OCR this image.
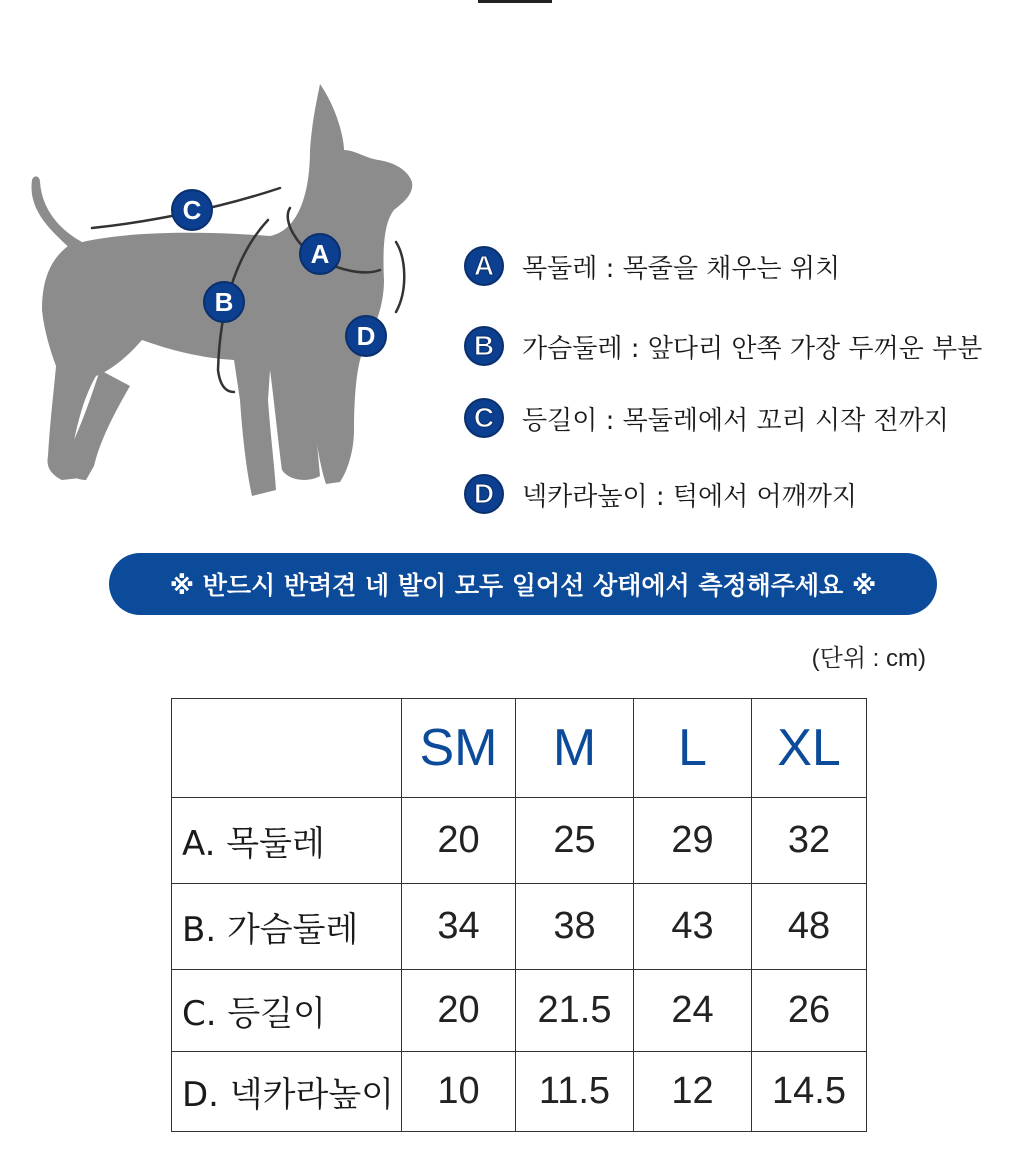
C
A
B
D
A	목둘레 : 목줄을 채우는 위치
B	가슴둘레 : 앞다리 안쪽 가장 두꺼운 부분
C	등길이 : 목둘레에서 꼬리 시작 전까지
D	넥카라높이 : 턱에서 어깨까지
※ 반드시 반려견 네 발이 모두 일어선 상태에서 측정해주세요 ※
(단위 : cm)
	SM	M	L	XL
A. 목둘레	20	25	29	32
B. 가슴둘레	34	38	43	48
C. 등길이	20	21.5	24	26
D. 넥카라높이	10	11.5	12	14.5
